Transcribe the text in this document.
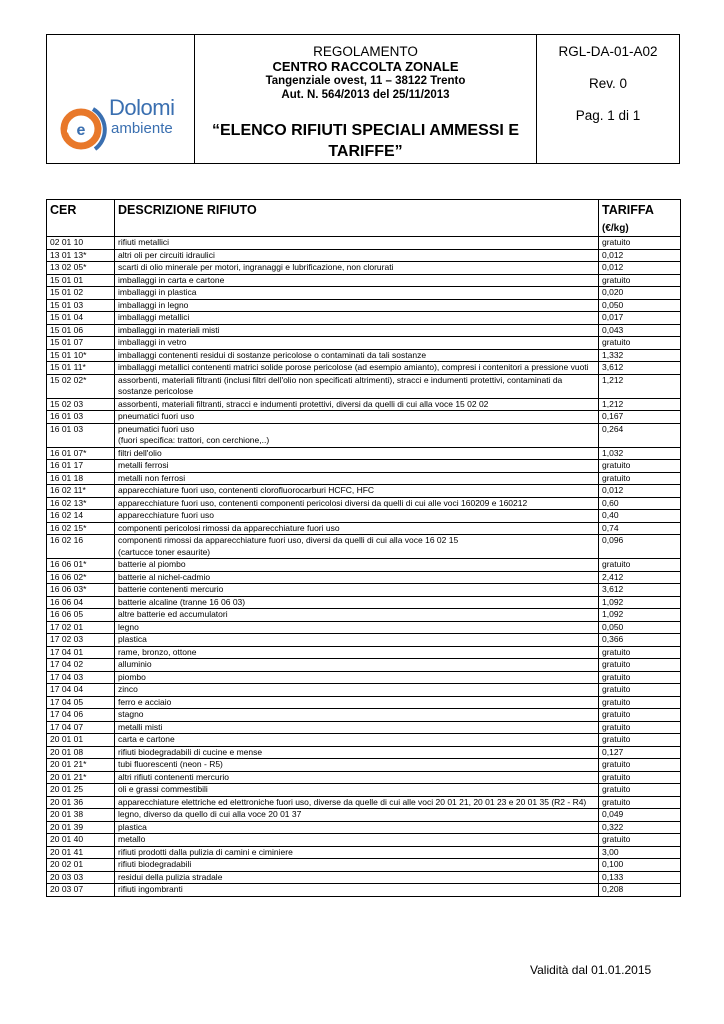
e
Dolomi
ambiente
REGOLAMENTO
CENTRO RACCOLTA ZONALE
Tangenziale ovest, 11 – 38122 Trento
Aut. N. 564/2013 del 25/11/2013
“ELENCO RIFIUTI SPECIALI AMMESSI E TARIFFE”
RGL-DA-01-A02
Rev. 0
Pag. 1 di 1
CER	DESCRIZIONE RIFIUTO	TARIFFA
(€/kg)

02 01 10	rifiuti metallici	gratuito
13 01 13*	altri oli per circuiti idraulici	0,012
13 02 05*	scarti di olio minerale per motori, ingranaggi e lubrificazione, non clorurati	0,012
15 01 01	imballaggi in carta e cartone	gratuito
15 01 02	imballaggi in plastica	0,020
15 01 03	imballaggi in legno	0,050
15 01 04	imballaggi metallici	0,017
15 01 06	imballaggi in materiali misti	0,043
15 01 07	imballaggi in vetro	gratuito
15 01 10*	imballaggi contenenti residui di sostanze pericolose o contaminati da tali sostanze	1,332
15 01 11*	imballaggi metallici contenenti matrici solide porose pericolose (ad esempio amianto), compresi i contenitori a pressione vuoti	3,612
15 02 02*	assorbenti, materiali filtranti (inclusi filtri dell'olio non specificati altrimenti), stracci e indumenti protettivi, contaminati da sostanze pericolose	1,212
15 02 03	assorbenti, materiali filtranti, stracci e indumenti protettivi, diversi da quelli di cui alla voce 15 02 02	1,212
16 01 03	pneumatici fuori uso	0,167
16 01 03	pneumatici fuori uso
(fuori specifica: trattori, con cerchione,..)	0,264
16 01 07*	filtri dell'olio	1,032
16 01 17	metalli ferrosi	gratuito
16 01 18	metalli non ferrosi	gratuito
16 02 11*	apparecchiature fuori uso, contenenti clorofluorocarburi HCFC, HFC	0,012
16 02 13*	apparecchiature fuori uso, contenenti componenti pericolosi diversi da quelli di cui alle voci 160209 e 160212	0,60
16 02 14	apparecchiature fuori uso	0,40
16 02 15*	componenti pericolosi rimossi da apparecchiature fuori uso	0,74
16 02 16	componenti rimossi da apparecchiature fuori uso, diversi da quelli di cui alla voce 16 02 15
(cartucce toner esaurite)	0,096
16 06 01*	batterie al piombo	gratuito
16 06 02*	batterie al nichel-cadmio	2,412
16 06 03*	batterie contenenti mercurio	3,612
16 06 04	batterie alcaline (tranne 16 06 03)	1,092
16 06 05	altre batterie ed accumulatori	1,092
17 02 01	legno	0,050
17 02 03	plastica	0,366
17 04 01	rame, bronzo, ottone	gratuito
17 04 02	alluminio	gratuito
17 04 03	piombo	gratuito
17 04 04	zinco	gratuito
17 04 05	ferro e acciaio	gratuito
17 04 06	stagno	gratuito
17 04 07	metalli misti	gratuito
20 01 01	carta e cartone	gratuito
20 01 08	rifiuti biodegradabili di cucine e mense	0,127
20 01 21*	tubi fluorescenti (neon - R5)	gratuito
20 01 21*	altri rifiuti contenenti mercurio	gratuito
20 01 25	oli e grassi commestibili	gratuito
20 01 36	apparecchiature elettriche ed elettroniche fuori uso, diverse da quelle di cui alle voci 20 01 21, 20 01 23 e 20 01 35 (R2 - R4)	gratuito
20 01 38	legno, diverso da quello di cui alla voce 20 01 37	0,049
20 01 39	plastica	0,322
20 01 40	metallo	gratuito
20 01 41	rifiuti prodotti dalla pulizia di camini e ciminiere	3,00
20 02 01	rifiuti biodegradabili	0,100
20 03 03	residui della pulizia stradale	0,133
20 03 07	rifiuti ingombranti	0,208
Validità dal 01.01.2015
